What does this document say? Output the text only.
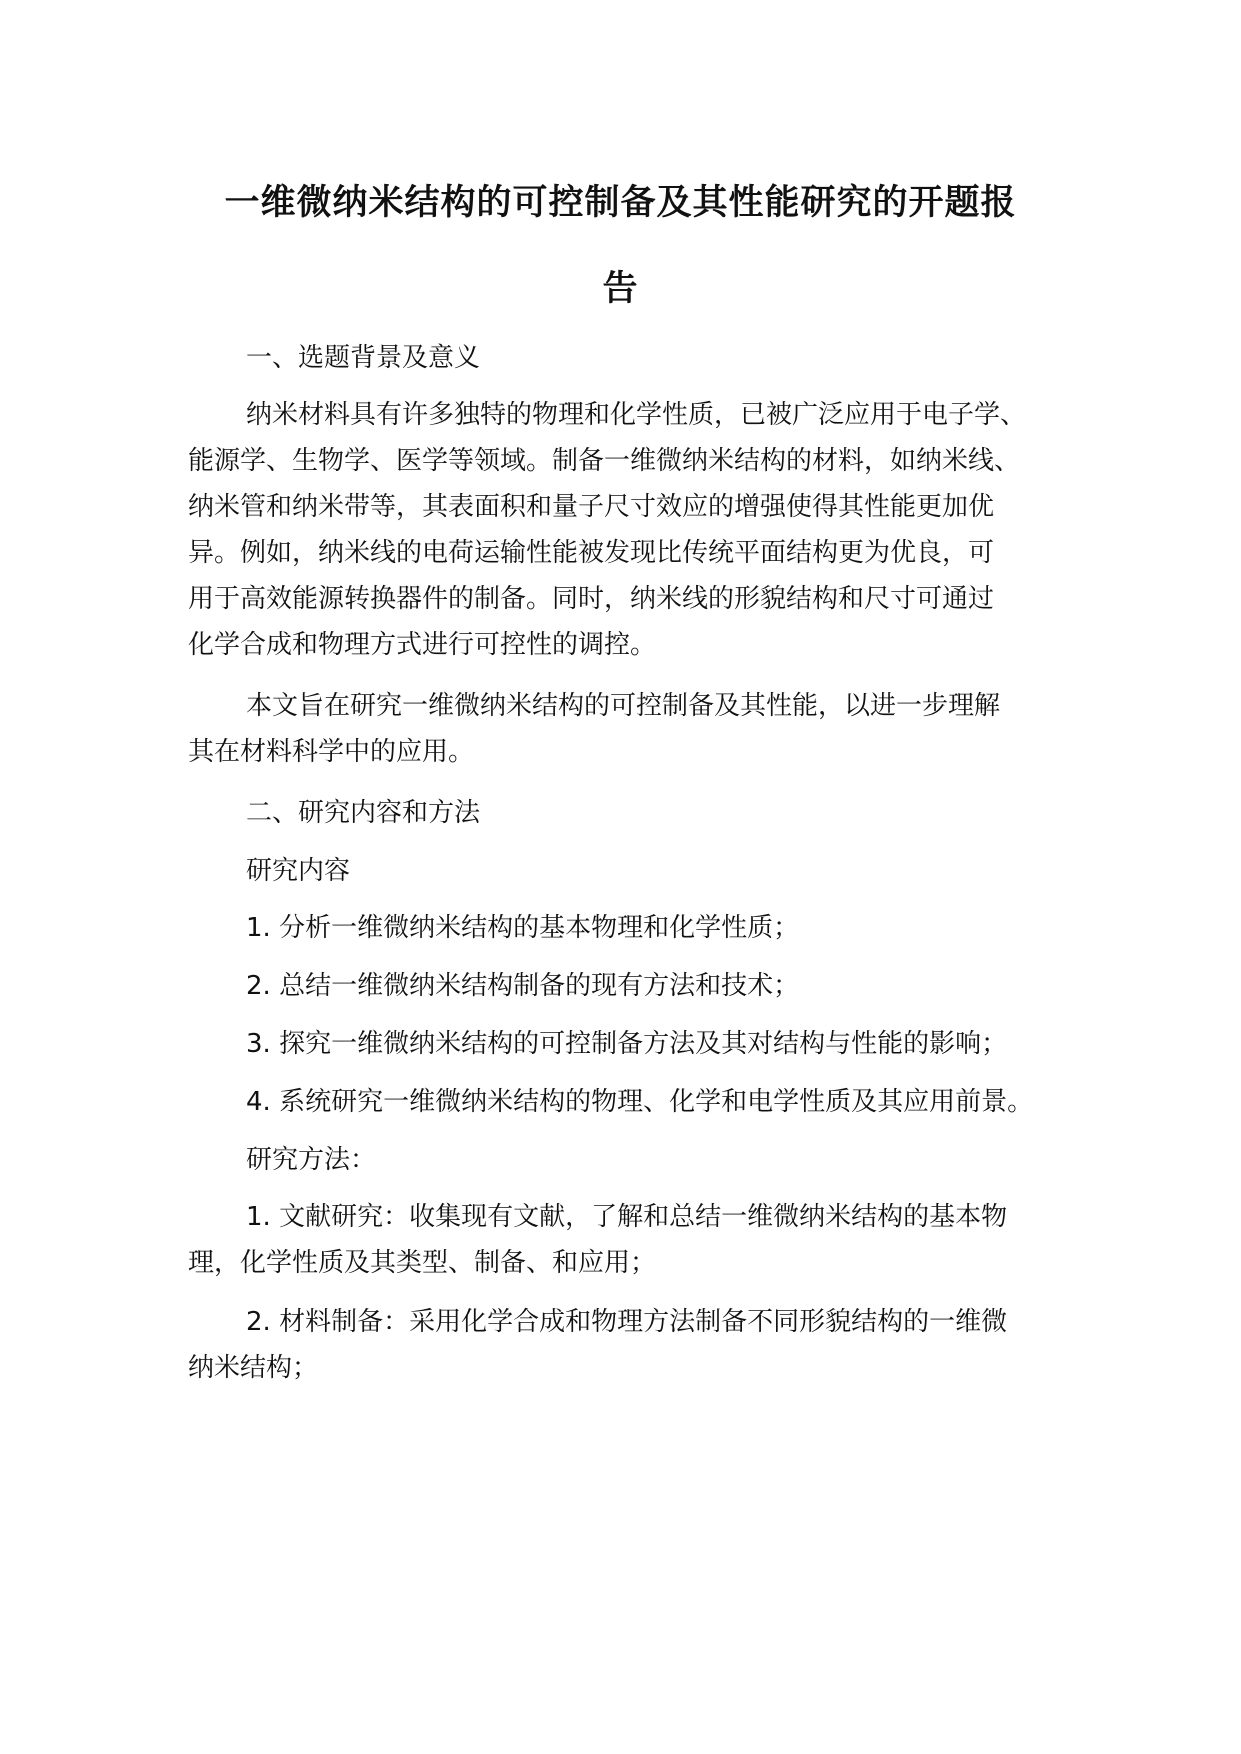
一维微纳米结构的可控制备及其性能研究的开题报
告
一、选题背景及意义
纳米材料具有许多独特的物理和化学性质，已被广泛应用于电子学、
能源学、生物学、医学等领域。制备一维微纳米结构的材料，如纳米线、
纳米管和纳米带等，其表面积和量子尺寸效应的增强使得其性能更加优
异。例如，纳米线的电荷运输性能被发现比传统平面结构更为优良，可
用于高效能源转换器件的制备。同时，纳米线的形貌结构和尺寸可通过
化学合成和物理方式进行可控性的调控。
本文旨在研究一维微纳米结构的可控制备及其性能，以进一步理解
其在材料科学中的应用。
二、研究内容和方法
研究内容
1. 分析一维微纳米结构的基本物理和化学性质；
2. 总结一维微纳米结构制备的现有方法和技术；
3. 探究一维微纳米结构的可控制备方法及其对结构与性能的影响；
4. 系统研究一维微纳米结构的物理、化学和电学性质及其应用前景。
研究方法：
1. 文献研究：收集现有文献，了解和总结一维微纳米结构的基本物
理，化学性质及其类型、制备、和应用；
2. 材料制备：采用化学合成和物理方法制备不同形貌结构的一维微
纳米结构；
